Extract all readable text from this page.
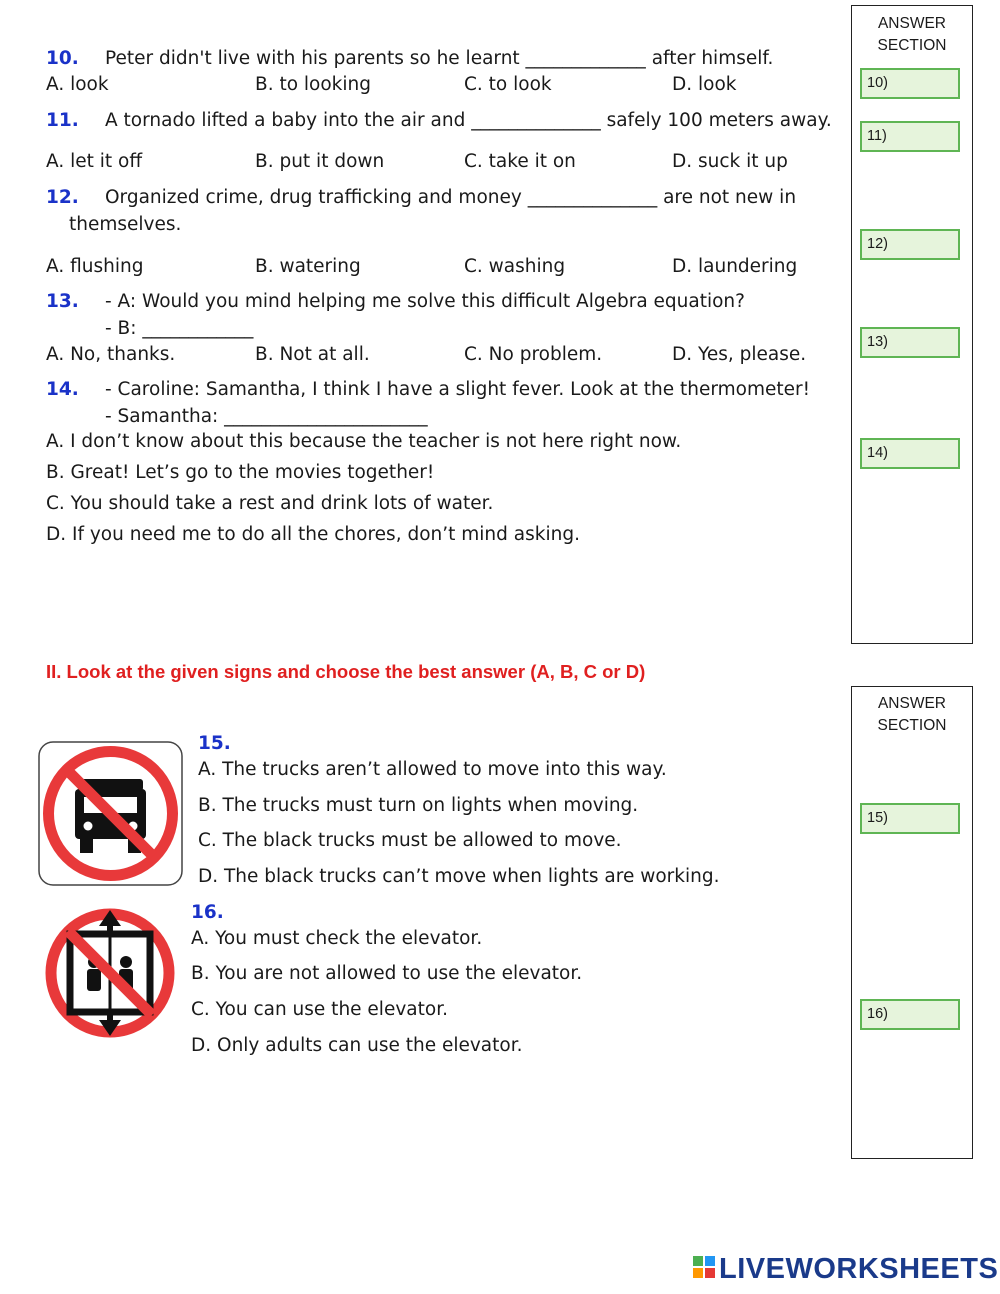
10. Peter didn't live with his parents so he learnt _____________ after himself.
A. look	B. to looking	C. to look	D. look
11. A tornado lifted a baby into the air and ______________ safely 100 meters away.
A. let it off	B. put it down	C. take it on	D. suck it up
12. Organized crime, drug trafficking and money ______________ are not new in
themselves.
A. flushing	B. watering	C. washing	D. laundering
13. - A: Would you mind helping me solve this difficult Algebra equation?
- B: ____________
A. No, thanks.	B. Not at all.	C. No problem.	D. Yes, please.
14. - Caroline: Samantha, I think I have a slight fever. Look at the thermometer!
- Samantha: ______________________
A. I don’t know about this because the teacher is not here right now.
B. Great! Let’s go to the movies together!
C. You should take a rest and drink lots of water.
D. If you need me to do all the chores, don’t mind asking.
ANSWER
SECTION
10)
11)
12)
13)
14)
II. Look at the given signs and choose the best answer (A, B, C or D)
ANSWER
SECTION
15)
16)
15.
A. The trucks aren’t allowed to move into this way.
B. The trucks must turn on lights when moving.
C. The black trucks must be allowed to move.
D. The black trucks can’t move when lights are working.
16.
A. You must check the elevator.
B. You are not allowed to use the elevator.
C. You can use the elevator.
D. Only adults can use the elevator.
LIVEWORKSHEETS
